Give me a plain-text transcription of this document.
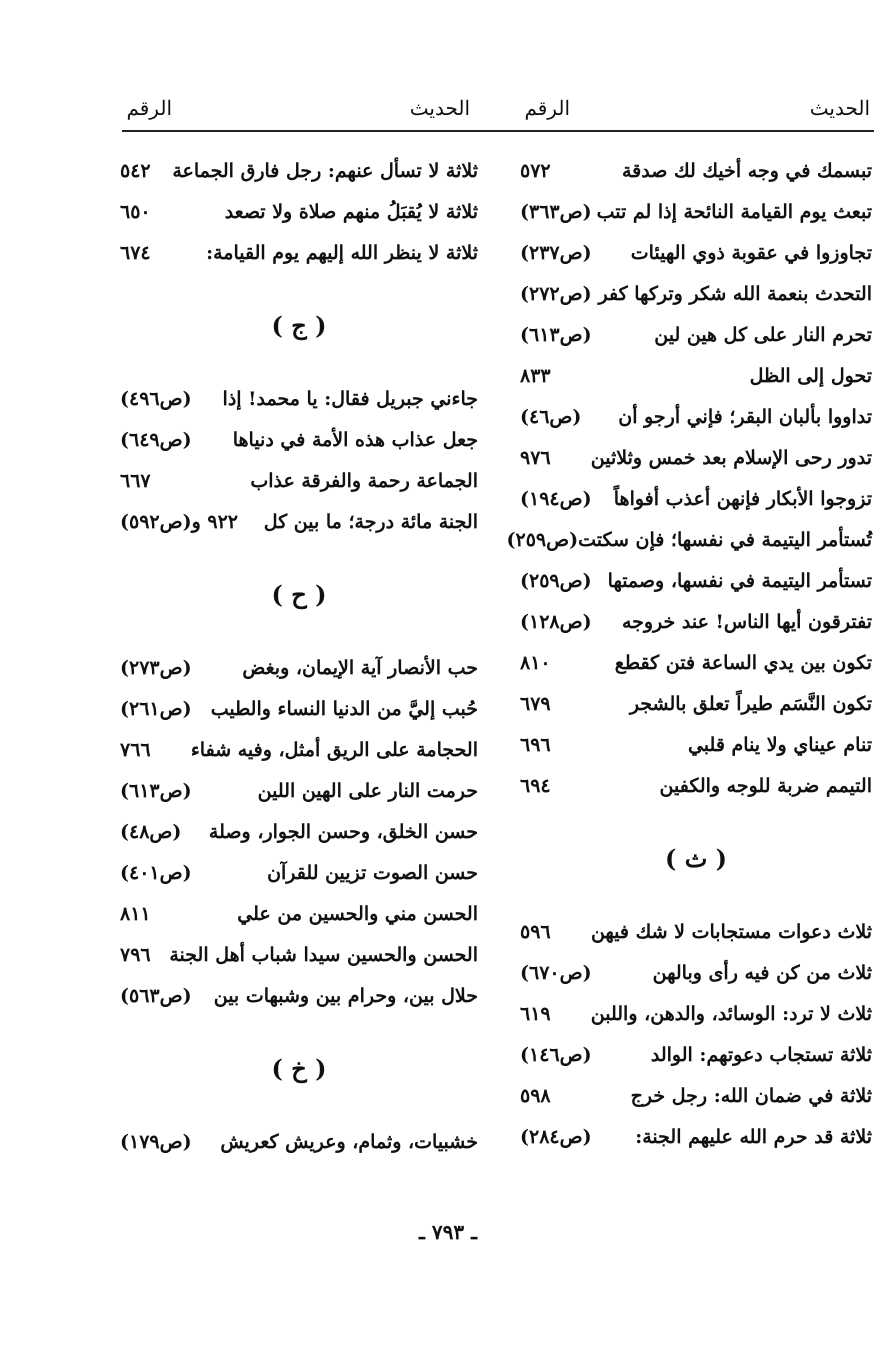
الحديث
الرقم
الحديث
الرقم
تبسمك في وجه أخيك لك صدقة
٥٧٢
تبعث يوم القيامة النائحة إذا لم تتب
(ص٣٦٣)
تجاوزوا في عقوبة ذوي الهيئات
(ص٢٣٧)
التحدث بنعمة الله شكر وتركها كفر
(ص٢٧٢)
تحرم النار على كل هين لين
(ص٦١٣)
تحول إلى الظل
٨٣٣
تداووا بألبان البقر؛ فإني أرجو أن
(ص٤٦)
تدور رحى الإسلام بعد خمس وثلاثين
٩٧٦
تزوجوا الأبكار فإنهن أعذب أفواهاً
(ص١٩٤)
تُستأمر اليتيمة في نفسها؛ فإن سكتت
(ص٢٥٩)
تستأمر اليتيمة في نفسها، وصمتها
(ص٢٥٩)
تفترقون أيها الناس! عند خروجه
(ص١٢٨)
تكون بين يدي الساعة فتن كقطع
٨١٠
تكون النَّسَم طيراً تعلق بالشجر
٦٧٩
تنام عيناي ولا ينام قلبي
٦٩٦
التيمم ضربة للوجه والكفين
٦٩٤
( ث )
ثلاث دعوات مستجابات لا شك فيهن
٥٩٦
ثلاث من كن فيه رأى وبالهن
(ص٦٧٠)
ثلاث لا ترد: الوسائد، والدهن، واللبن
٦١٩
ثلاثة تستجاب دعوتهم: الوالد
(ص١٤٦)
ثلاثة في ضمان الله: رجل خرج
٥٩٨
ثلاثة قد حرم الله عليهم الجنة:
(ص٢٨٤)
ثلاثة لا تسأل عنهم: رجل فارق الجماعة
٥٤٢
ثلاثة لا يُقبَلُ منهم صلاة ولا تصعد
٦٥٠
ثلاثة لا ينظر الله إليهم يوم القيامة:
٦٧٤
( ج )
جاءني جبريل فقال: يا محمد! إذا
(ص٤٩٦)
جعل عذاب هذه الأمة في دنياها
(ص٦٤٩)
الجماعة رحمة والفرقة عذاب
٦٦٧
الجنة مائة درجة؛ ما بين كل
٩٢٢ و(ص٥٩٢)
( ح )
حب الأنصار آية الإيمان، وبغض
(ص٢٧٣)
حُبب إليَّ من الدنيا النساء والطيب
(ص٢٦١)
الحجامة على الريق أمثل، وفيه شفاء
٧٦٦
حرمت النار على الهين اللين
(ص٦١٣)
حسن الخلق، وحسن الجوار، وصلة
(ص٤٨)
حسن الصوت تزيين للقرآن
(ص٤٠١)
الحسن مني والحسين من علي
٨١١
الحسن والحسين سيدا شباب أهل الجنة
٧٩٦
حلال بين، وحرام بين وشبهات بين
(ص٥٦٣)
( خ )
خشبيات، وثمام، وعريش كعريش
(ص١٧٩)
ـ ٧٩٣ ـ
